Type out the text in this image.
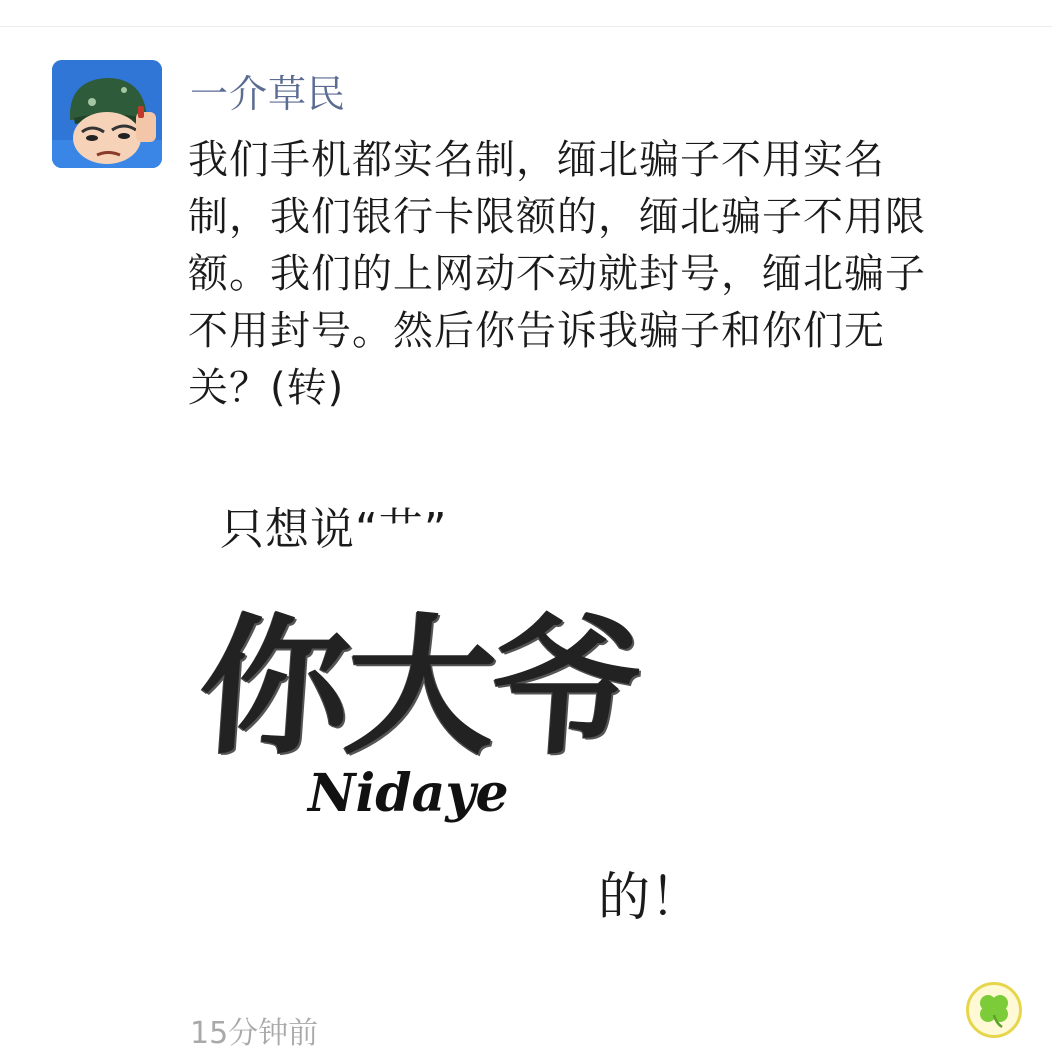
一介草民
我们手机都实名制，缅北骗子不用实名
制，我们银行卡限额的，缅北骗子不用限
额。我们的上网动不动就封号，缅北骗子
不用封号。然后你告诉我骗子和你们无
关？(转)
只想说“艹”
你大爷
Nidaye
的！
15分钟前
